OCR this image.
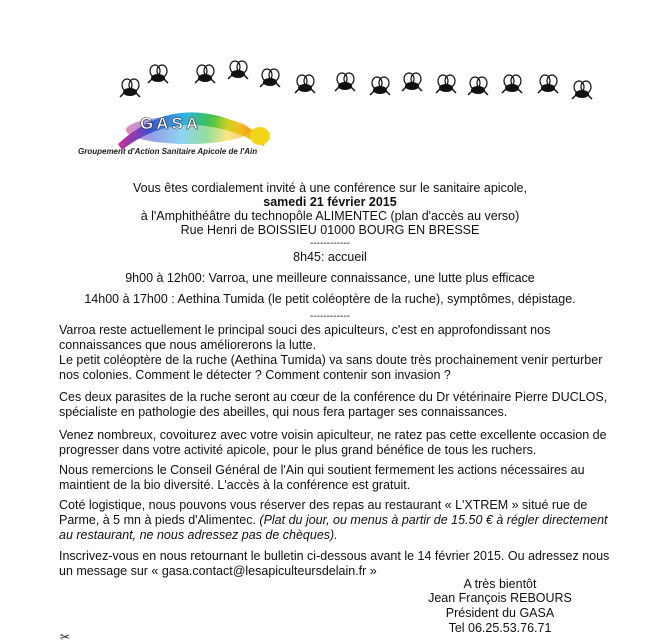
GASA
Groupement d'Action Sanitaire Apicole de l'Ain
Vous êtes cordialement invité à une conférence sur le sanitaire apicole,
samedi 21 février 2015
à l'Amphithéâtre du technopôle ALIMENTEC (plan d'accès au verso)
Rue Henri de BOISSIEU 01000 BOURG EN BRESSE
------------
8h45: accueil
9h00 à 12h00: Varroa, une meilleure connaissance, une lutte plus efficace
14h00 à 17h00 : Aethina Tumida (le petit coléoptère de la ruche), symptômes, dépistage.
------------
Varroa reste actuellement le principal souci des apiculteurs, c'est en approfondissant nos
connaissances que nous améliorerons la lutte.
Le petit coléoptère de la ruche (Aethina Tumida) va sans doute très prochainement venir perturber
nos colonies. Comment le détecter ? Comment contenir son invasion ?
Ces deux parasites de la ruche seront au cœur de la conférence du Dr vétérinaire Pierre DUCLOS,
spécialiste en pathologie des abeilles, qui nous fera partager ses connaissances.
Venez nombreux, covoiturez avec votre voisin apiculteur, ne ratez pas cette excellente occasion de
progresser dans votre activité apicole, pour le plus grand bénéfice de tous les ruchers.
Nous remercions le Conseil Général de l'Ain qui soutient fermement les actions nécessaires au
maintient de la bio diversité. L'accès à la conférence est gratuit.
Coté logistique, nous pouvons vous réserver des repas au restaurant « L'XTREM » situé rue de
Parme, à 5 mn à pieds d'Alimentec. (Plat du jour, ou menus à partir de 15.50 € à régler directement
au restaurant, ne nous adressez pas de chèques).
Inscrivez-vous en nous retournant le bulletin ci-dessous avant le 14 février 2015. Ou adressez nous
un message sur « gasa.contact@lesapiculteursdelain.fr »
A très bientôt
Jean François REBOURS
Président du GASA
Tel 06.25.53.76.71
✂
